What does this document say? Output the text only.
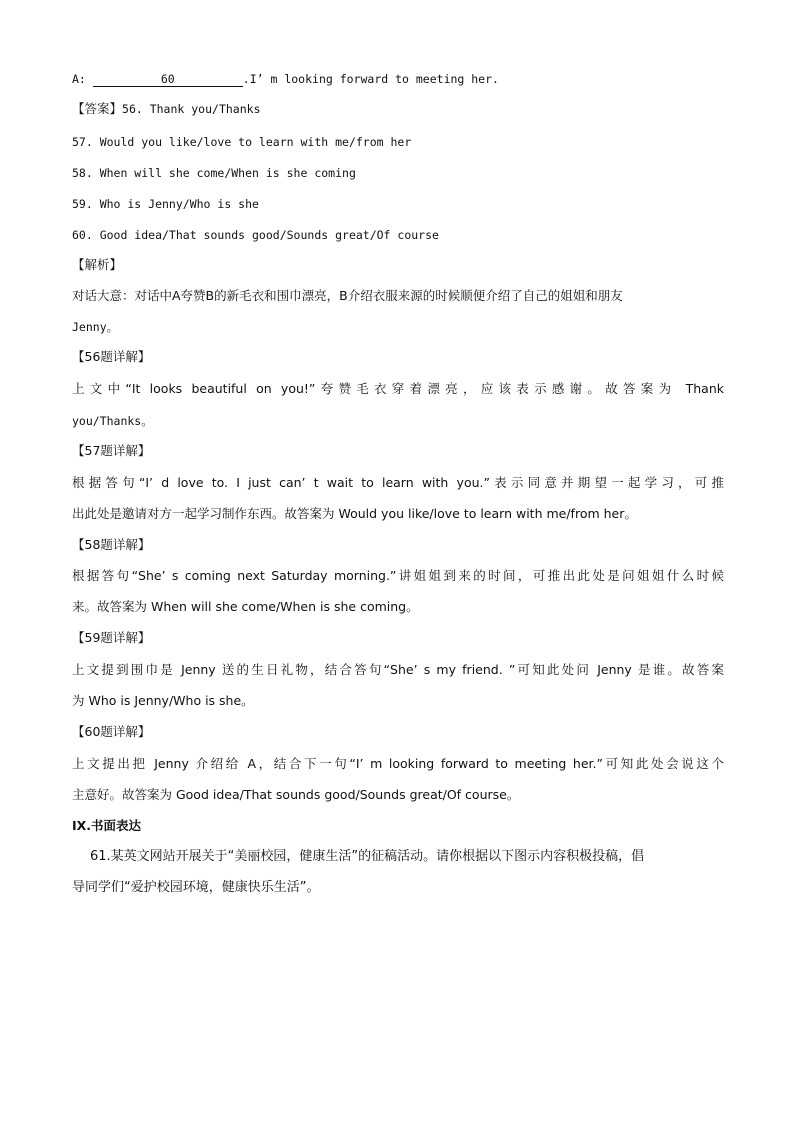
A:	60	.I’ m looking forward to meeting her.
【答案】56. Thank you/Thanks
57. Would you like/love to learn with me/from her
58. When will she come/When is she coming
59. Who is Jenny/Who is she
60. Good idea/That sounds good/Sounds great/Of course
【解析】
对话大意：对话中A夸赞B的新毛衣和围巾漂亮，B介绍衣服来源的时候顺便介绍了自己的姐姐和朋友
Jenny。
【56题详解】
上文中“It looks beautiful on you!”夸赞毛衣穿着漂亮，应该表示感谢。故答案为 Thank
you/Thanks。
【57题详解】
根据答句“I’ d love to. I just can’ t wait to learn with you.”表示同意并期望一起学习，可推
出此处是邀请对方一起学习制作东西。故答案为 Would you like/love to learn with me/from her。
【58题详解】
根据答句“She’ s coming next Saturday morning.”讲姐姐到来的时间，可推出此处是问姐姐什么时候
来。故答案为 When will she come/When is she coming。
【59题详解】
上文提到围巾是 Jenny 送的生日礼物，结合答句“She’ s my friend. ”可知此处问 Jenny 是谁。故答案
为 Who is Jenny/Who is she。
【60题详解】
上文提出把 Jenny 介绍给 A，结合下一句“I’ m looking forward to meeting her.”可知此处会说这个
主意好。故答案为 Good idea/That sounds good/Sounds great/Of course。
IX.书面表达
61.某英文网站开展关于“美丽校园，健康生活”的征稿活动。请你根据以下图示内容积极投稿，倡
导同学们“爱护校园环境，健康快乐生活”。
